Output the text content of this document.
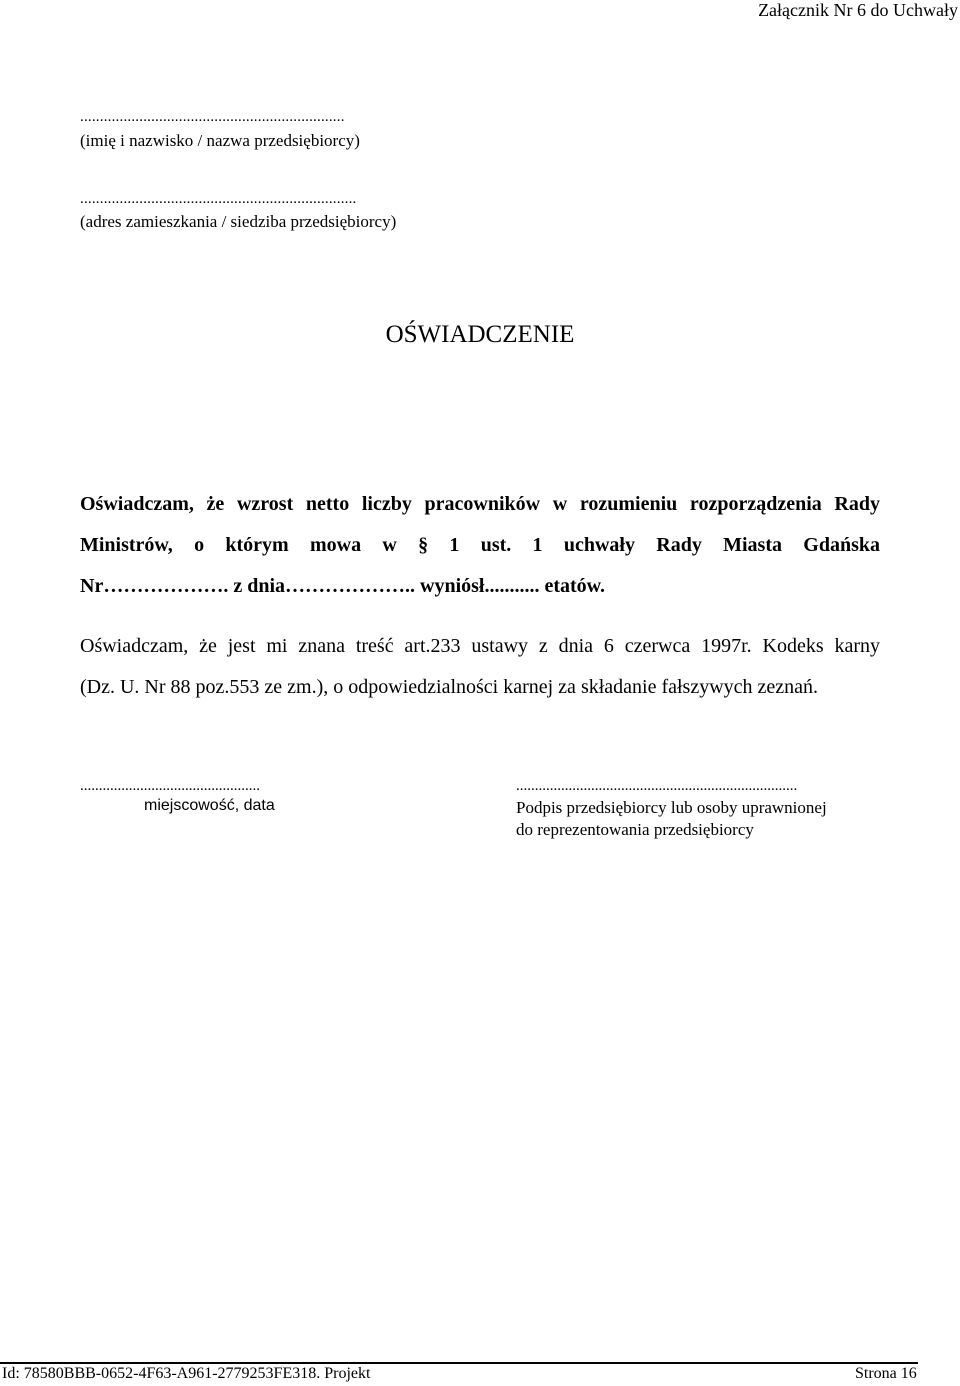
Załącznik Nr 6 do Uchwały
...................................................................
(imię i nazwisko / nazwa przedsiębiorcy)
......................................................................
(adres zamieszkania / siedziba przedsiębiorcy)
OŚWIADCZENIE
Oświadczam, że wzrost netto liczby pracowników w rozumieniu rozporządzenia Rady
Ministrów, o którym mowa w § 1 ust. 1 uchwały Rady Miasta Gdańska
Nr………………. z dnia……………….. wyniósł........... etatów.
Oświadczam, że jest mi znana treść art.233 ustawy z dnia 6 czerwca 1997r. Kodeks karny
(Dz. U. Nr 88 poz.553 ze zm.), o odpowiedzialności karnej za składanie fałszywych zeznań.
................................................
miejscowość, data
...........................................................................
Podpis przedsiębiorcy lub osoby uprawnionej
do reprezentowania przedsiębiorcy
Id: 78580BBB-0652-4F63-A961-2779253FE318. Projekt	Strona 16
